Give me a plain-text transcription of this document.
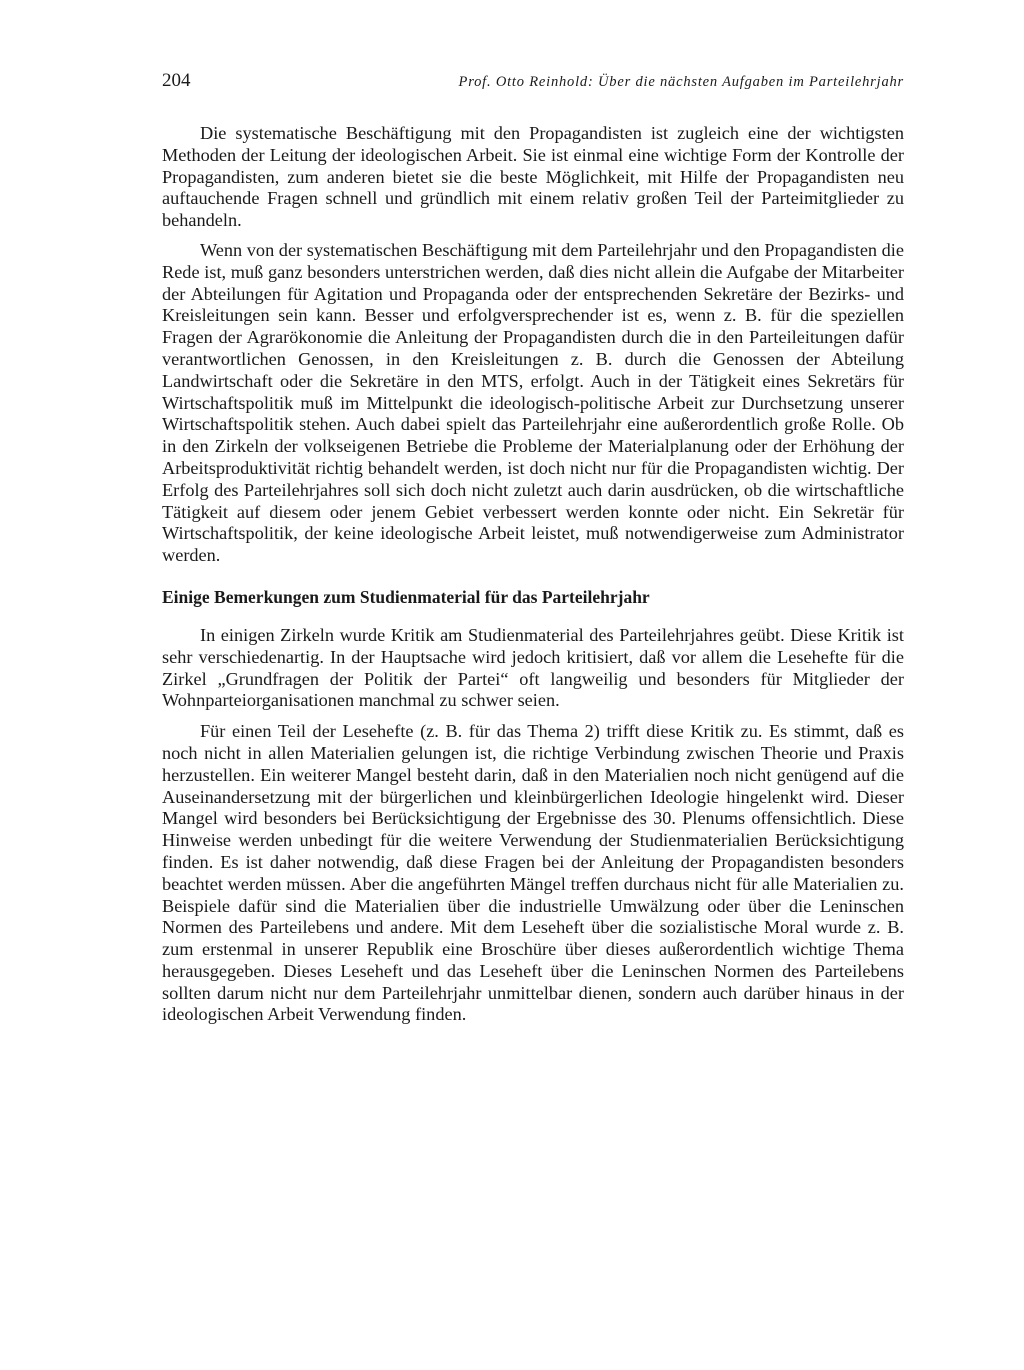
204	Prof. Otto Reinhold: Über die nächsten Aufgaben im Parteilehrjahr

Die systematische Beschäftigung mit den Propagandisten ist zugleich eine der wichtigsten Methoden der Leitung der ideologischen Arbeit. Sie ist einmal eine wichtige Form der Kontrolle der Propagandisten, zum anderen bietet sie die beste Möglichkeit, mit Hilfe der Propagandisten neu auftauchende Fragen schnell und gründlich mit einem relativ großen Teil der Parteimitglieder zu behandeln.

Wenn von der systematischen Beschäftigung mit dem Parteilehrjahr und den Propagandisten die Rede ist, muß ganz besonders unterstrichen werden, daß dies nicht allein die Aufgabe der Mitarbeiter der Abteilungen für Agitation und Propaganda oder der entsprechenden Sekretäre der Bezirks- und Kreisleitungen sein kann. Besser und erfolgversprechender ist es, wenn z. B. für die speziellen Fragen der Agrarökonomie die Anleitung der Propagandisten durch die in den Parteileitungen dafür verantwortlichen Genossen, in den Kreisleitungen z. B. durch die Genossen der Abteilung Landwirtschaft oder die Sekretäre in den MTS, erfolgt. Auch in der Tätigkeit eines Sekretärs für Wirtschaftspolitik muß im Mittelpunkt die ideologisch-politische Arbeit zur Durchsetzung unserer Wirtschaftspolitik stehen. Auch dabei spielt das Parteilehrjahr eine außerordentlich große Rolle. Ob in den Zirkeln der volkseigenen Betriebe die Probleme der Materialplanung oder der Erhöhung der Arbeitsproduktivität richtig behandelt werden, ist doch nicht nur für die Propagandisten wichtig. Der Erfolg des Parteilehrjahres soll sich doch nicht zuletzt auch darin ausdrücken, ob die wirtschaftliche Tätigkeit auf diesem oder jenem Gebiet verbessert werden konnte oder nicht. Ein Sekretär für Wirtschaftspolitik, der keine ideologische Arbeit leistet, muß notwendigerweise zum Administrator werden.

Einige Bemerkungen zum Studienmaterial für das Parteilehrjahr

In einigen Zirkeln wurde Kritik am Studienmaterial des Parteilehrjahres geübt. Diese Kritik ist sehr verschiedenartig. In der Hauptsache wird jedoch kritisiert, daß vor allem die Lesehefte für die Zirkel „Grundfragen der Politik der Partei“ oft langweilig und besonders für Mitglieder der Wohnparteiorganisationen manchmal zu schwer seien.

Für einen Teil der Lesehefte (z. B. für das Thema 2) trifft diese Kritik zu. Es stimmt, daß es noch nicht in allen Materialien gelungen ist, die richtige Verbindung zwischen Theorie und Praxis herzustellen. Ein weiterer Mangel besteht darin, daß in den Materialien noch nicht genügend auf die Auseinandersetzung mit der bürgerlichen und kleinbürgerlichen Ideologie hingelenkt wird. Dieser Mangel wird besonders bei Berücksichtigung der Ergebnisse des 30. Plenums offensichtlich. Diese Hinweise werden unbedingt für die weitere Verwendung der Studienmaterialien Berücksichtigung finden. Es ist daher notwendig, daß diese Fragen bei der Anleitung der Propagandisten besonders beachtet werden müssen. Aber die angeführten Mängel treffen durchaus nicht für alle Materialien zu. Beispiele dafür sind die Materialien über die industrielle Umwälzung oder über die Leninschen Normen des Parteilebens und andere. Mit dem Leseheft über die sozialistische Moral wurde z. B. zum erstenmal in unserer Republik eine Broschüre über dieses außerordentlich wichtige Thema herausgegeben. Dieses Leseheft und das Leseheft über die Leninschen Normen des Parteilebens sollten darum nicht nur dem Parteilehrjahr unmittelbar dienen, sondern auch darüber hinaus in der ideologischen Arbeit Verwendung finden.
